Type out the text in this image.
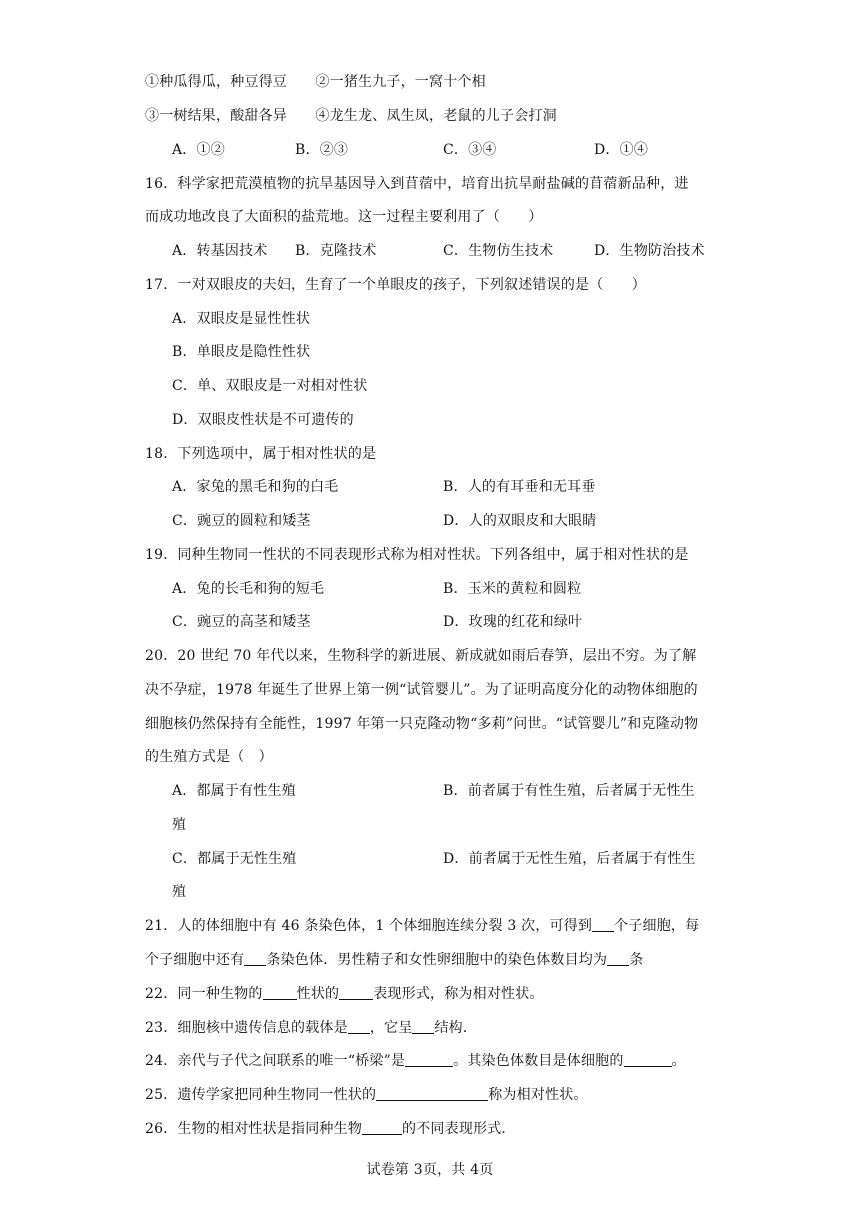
①种瓜得瓜，种豆得豆　　②一猪生九子，一窝十个相
③一树结果，酸甜各异　　④龙生龙、凤生凤，老鼠的儿子会打洞
A．①②	B．②③	C．③④	D．①④
16．科学家把荒漠植物的抗旱基因导入到苜蓿中，培育出抗旱耐盐碱的苜蓿新品种，进
而成功地改良了大面积的盐荒地。这一过程主要利用了（　　）
A．转基因技术 B．克隆技术	C．生物仿生技术	D．生物防治技术
17．一对双眼皮的夫妇，生育了一个单眼皮的孩子，下列叙述错误的是（　　）
A．双眼皮是显性性状
B．单眼皮是隐性性状
C．单、双眼皮是一对相对性状
D．双眼皮性状是不可遗传的
18．下列选项中，属于相对性状的是
A．家兔的黑毛和狗的白毛	B．人的有耳垂和无耳垂
C．豌豆的圆粒和矮茎	D．人的双眼皮和大眼睛
19．同种生物同一性状的不同表现形式称为相对性状。下列各组中，属于相对性状的是
A．兔的长毛和狗的短毛	B．玉米的黄粒和圆粒
C．豌豆的高茎和矮茎	D．玫瑰的红花和绿叶
20．20 世纪 70 年代以来，生物科学的新进展、新成就如雨后春笋，层出不穷。为了解
决不孕症，1978 年诞生了世界上第一例“试管婴儿”。为了证明高度分化的动物体细胞的
细胞核仍然保持有全能性，1997 年第一只克隆动物“多莉”问世。“试管婴儿”和克隆动物
的生殖方式是（　）
A．都属于有性生殖	B．前者属于有性生殖，后者属于无性生
殖
C．都属于无性生殖	D．前者属于无性生殖，后者属于有性生
殖
21．人的体细胞中有 46 条染色体，1 个体细胞连续分裂 3 次，可得到 个子细胞，每
个子细胞中还有 条染色体．男性精子和女性卵细胞中的染色体数目均为 条
22．同一种生物的 性状的 表现形式，称为相对性状。
23．细胞核中遗传信息的载体是 ，它呈 结构．
24．亲代与子代之间联系的唯一“桥梁”是	。其染色体数目是体细胞的	。
25．遗传学家把同种生物同一性状的	称为相对性状。
26．生物的相对性状是指同种生物	的不同表现形式．
试卷第 3页，共 4页
